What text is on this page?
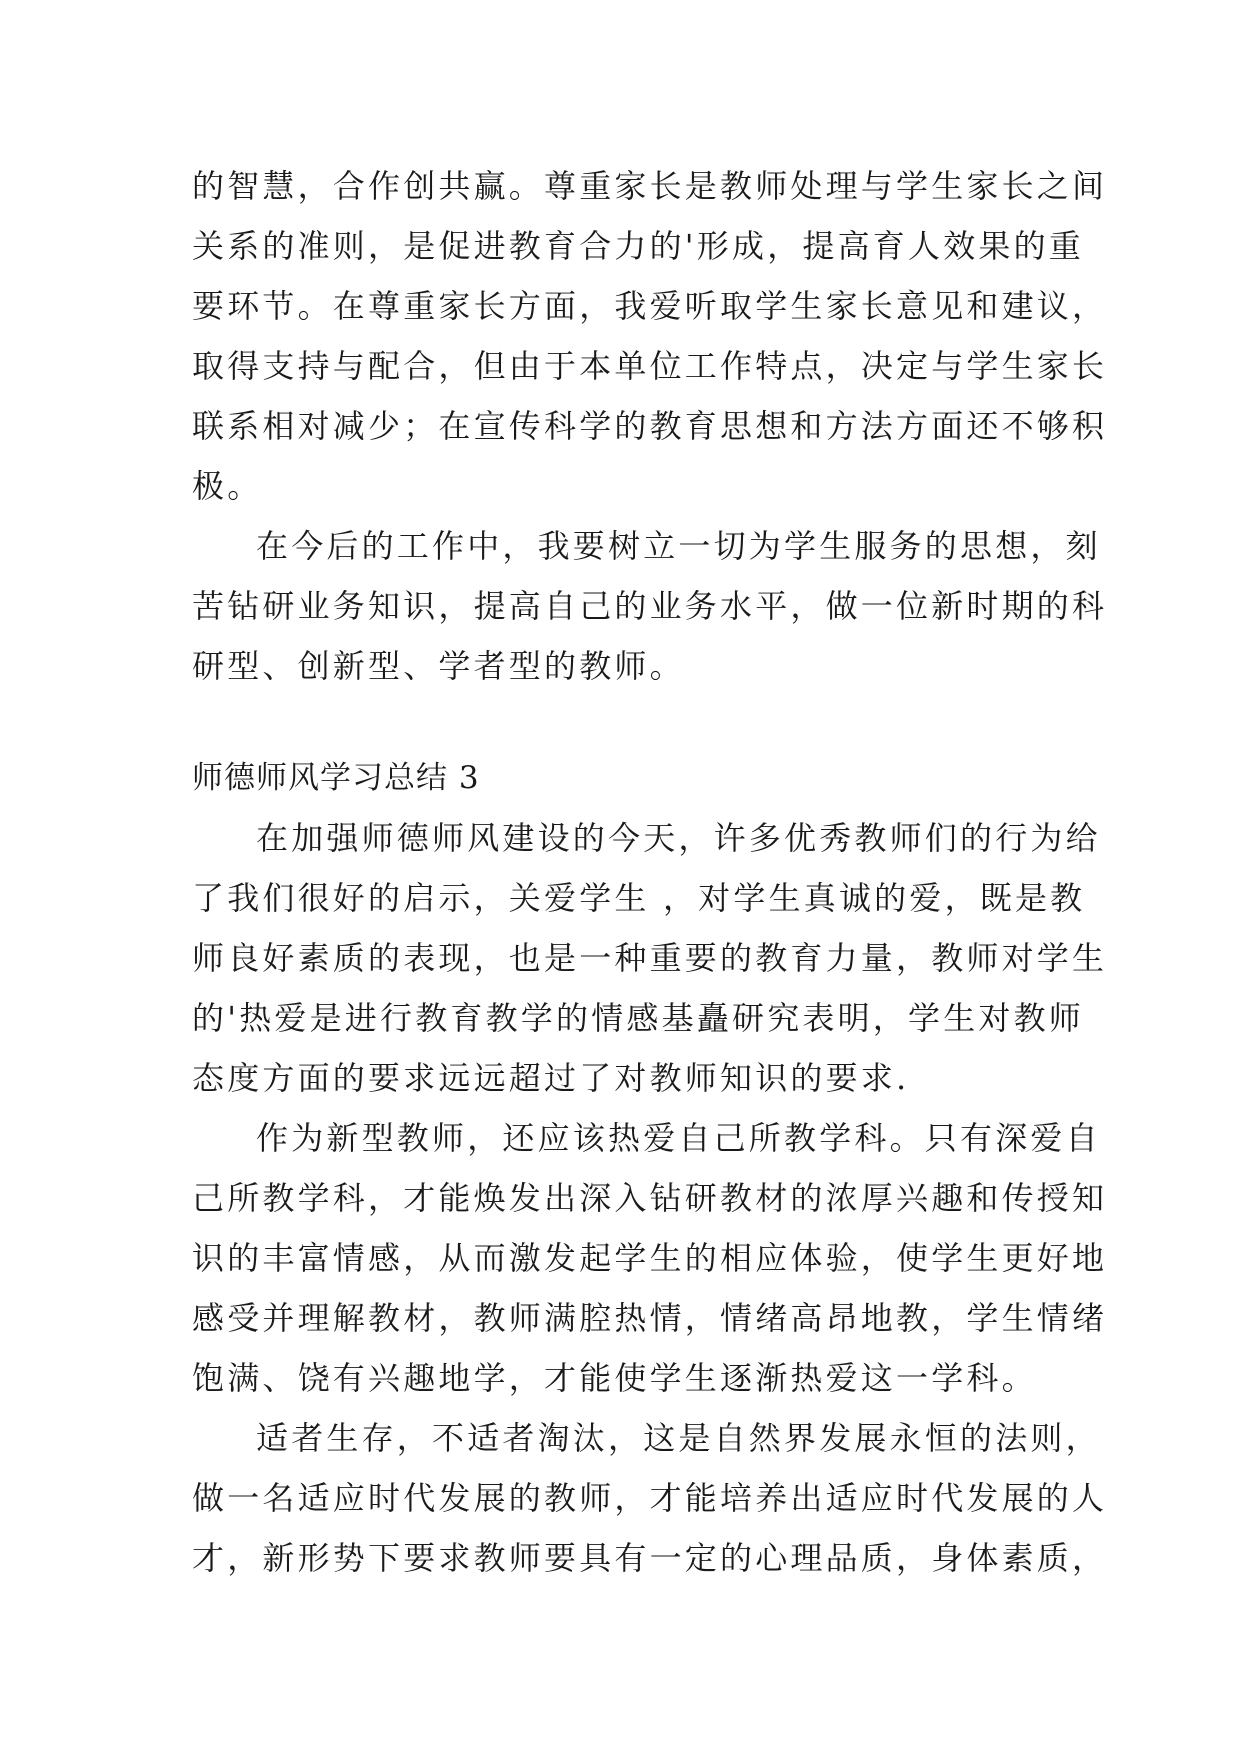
的智慧，合作创共赢。尊重家长是教师处理与学生家长之间
关系的准则，是促进教育合力的'形成，提高育人效果的重
要环节。在尊重家长方面，我爱听取学生家长意见和建议，
取得支持与配合，但由于本单位工作特点，决定与学生家长
联系相对减少；在宣传科学的教育思想和方法方面还不够积
极。
在今后的工作中，我要树立一切为学生服务的思想，刻
苦钻研业务知识，提高自己的业务水平，做一位新时期的科
研型、创新型、学者型的教师。
师德师风学习总结 3
在加强师德师风建设的今天，许多优秀教师们的行为给
了我们很好的启示，关爱学生 ，对学生真诚的爱，既是教
师良好素质的表现，也是一种重要的教育力量，教师对学生
的'热爱是进行教育教学的情感基矗研究表明，学生对教师
态度方面的要求远远超过了对教师知识的要求.
作为新型教师，还应该热爱自己所教学科。只有深爱自
己所教学科，才能焕发出深入钻研教材的浓厚兴趣和传授知
识的丰富情感，从而激发起学生的相应体验，使学生更好地
感受并理解教材，教师满腔热情，情绪高昂地教，学生情绪
饱满、饶有兴趣地学，才能使学生逐渐热爱这一学科。
适者生存，不适者淘汰，这是自然界发展永恒的法则，
做一名适应时代发展的教师，才能培养出适应时代发展的人
才，新形势下要求教师要具有一定的心理品质，身体素质，
